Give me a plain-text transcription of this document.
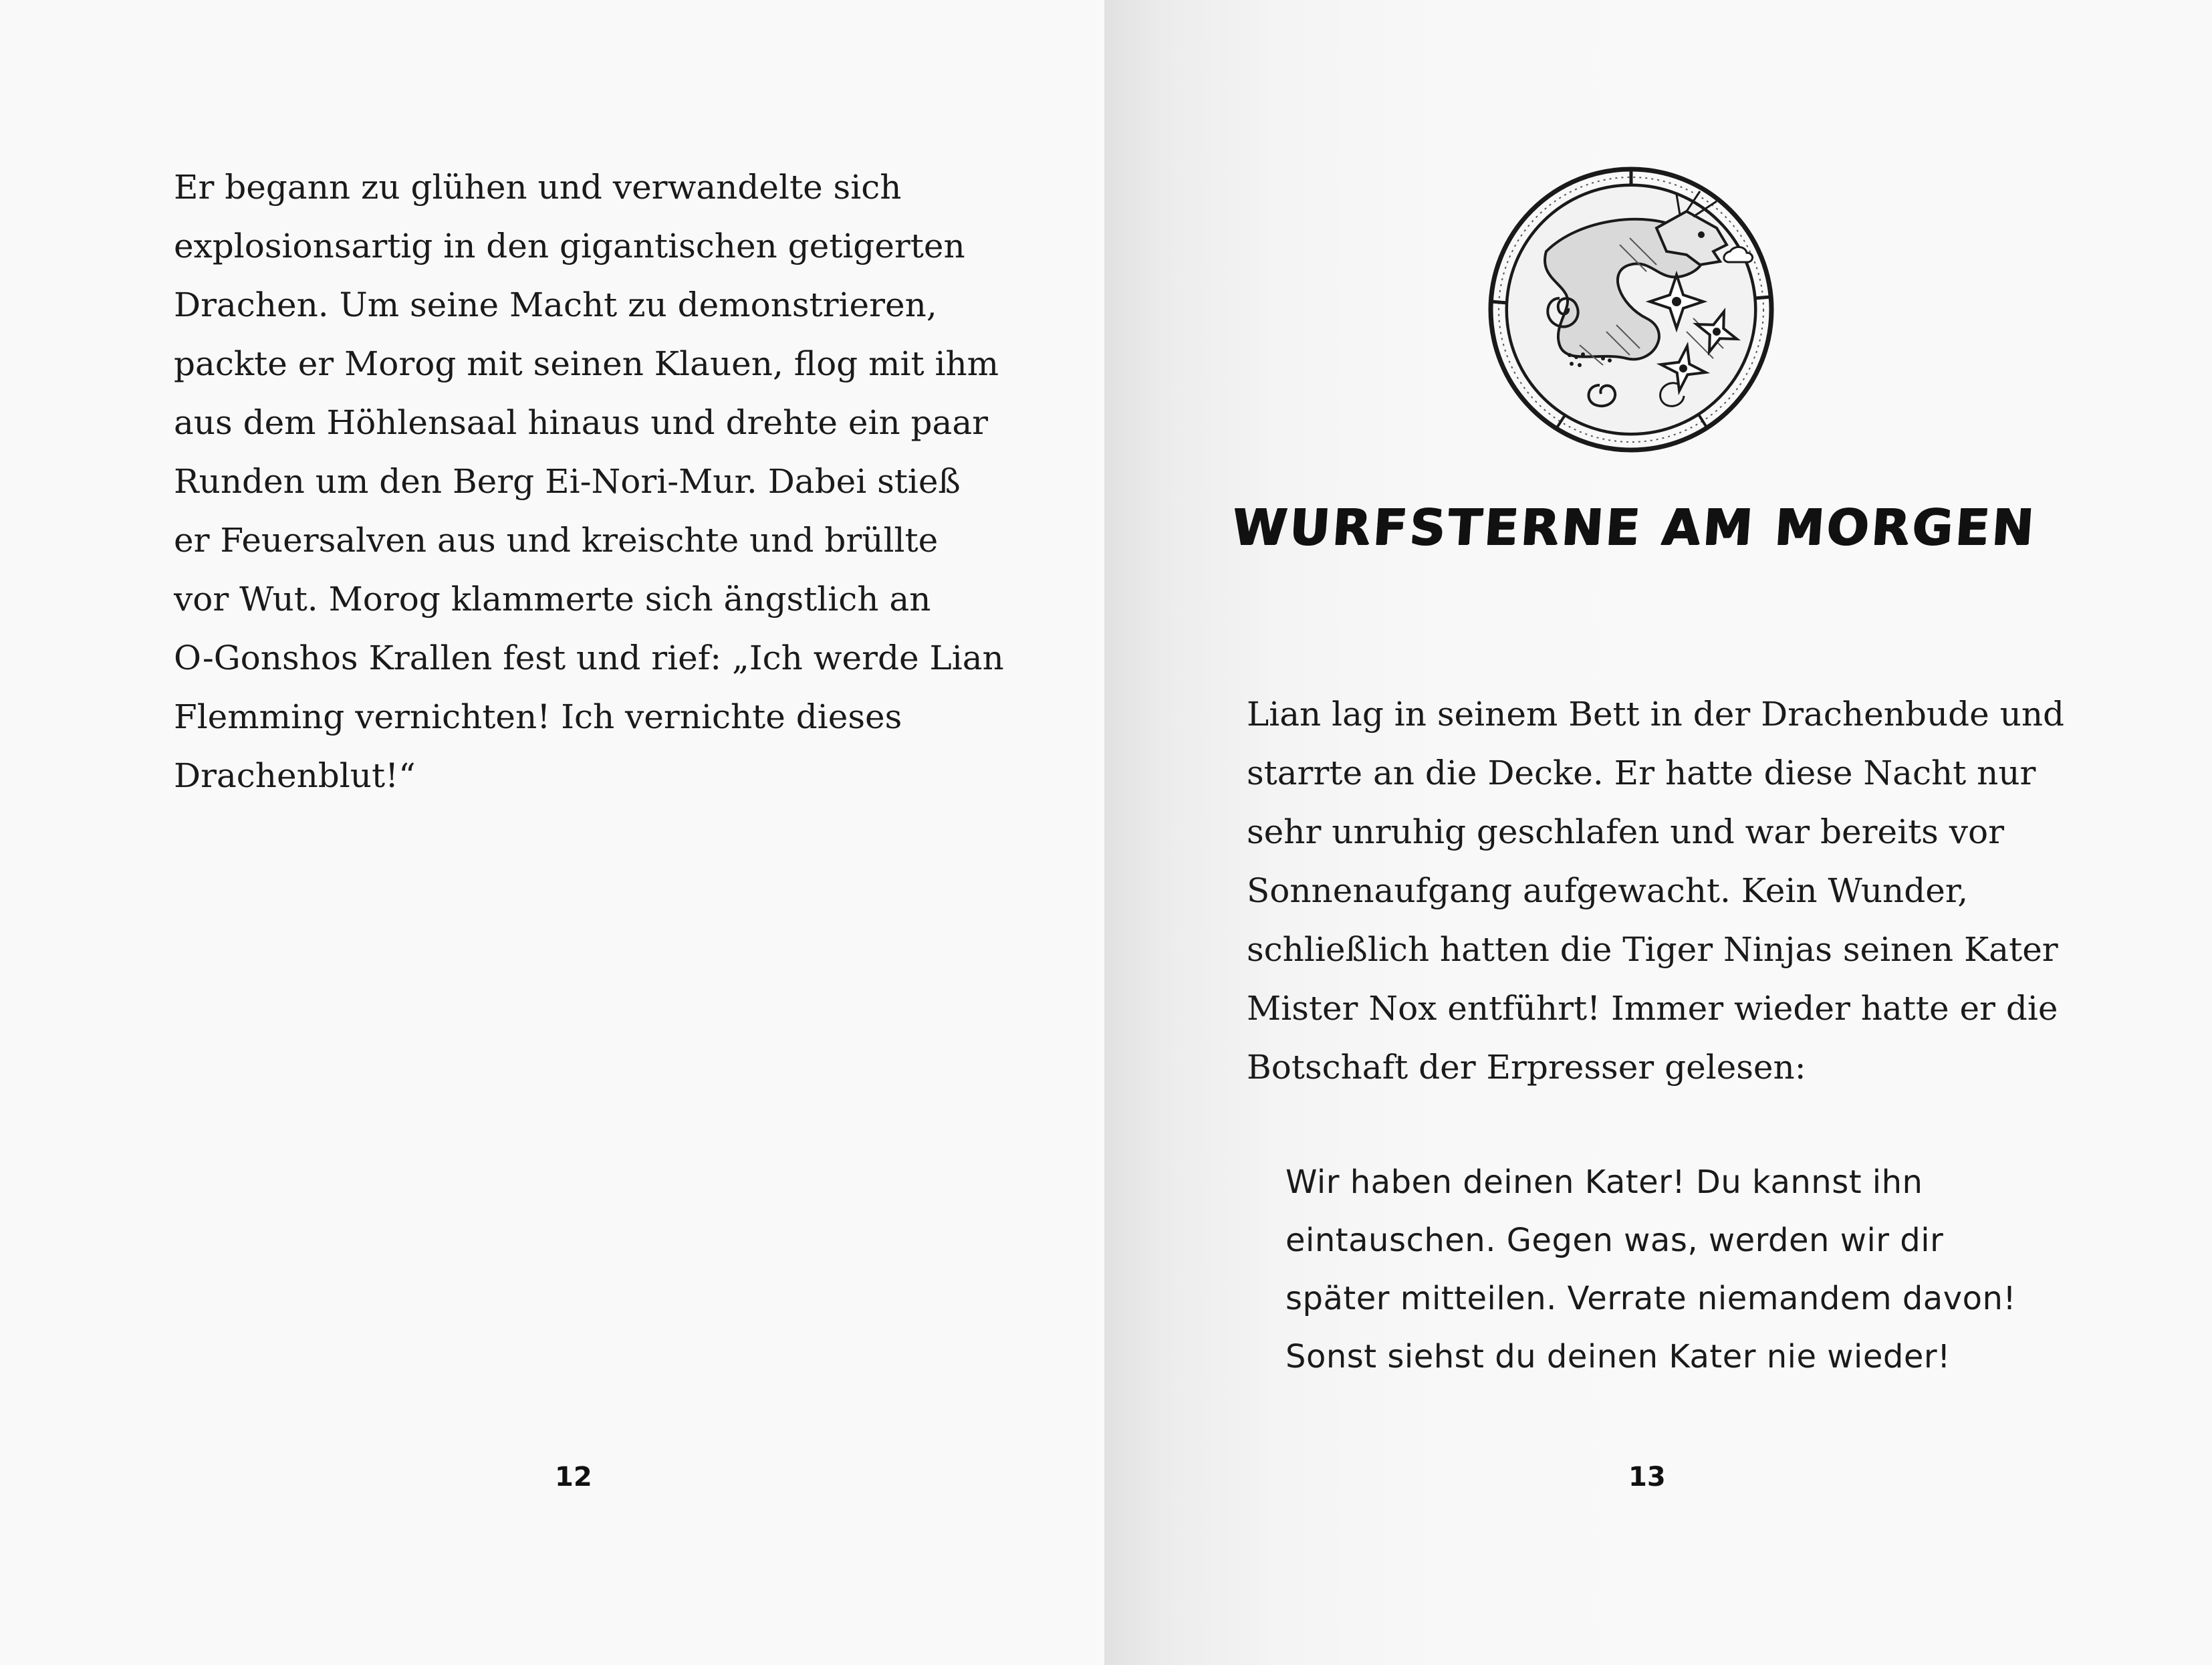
Er begann zu glühen und verwandelte sich
explosionsartig in den gigantischen getigerten
Drachen. Um seine Macht zu demonstrieren,
packte er Morog mit seinen Klauen, flog mit ihm
aus dem Höhlensaal hinaus und drehte ein paar
Runden um den Berg Ei-Nori-Mur. Dabei stieß
er Feuersalven aus und kreischte und brüllte
vor Wut. Morog klammerte sich ängstlich an
O-Gonshos Krallen fest und rief: „Ich werde Lian
Flemming vernichten! Ich vernichte dieses
Drachenblut!“
12
WURFSTERNE AM MORGEN
Lian lag in seinem Bett in der Drachenbude und
starrte an die Decke. Er hatte diese Nacht nur
sehr unruhig geschlafen und war bereits vor
Sonnenaufgang aufgewacht. Kein Wunder,
schließlich hatten die Tiger Ninjas seinen Kater
Mister Nox entführt! Immer wieder hatte er die
Botschaft der Erpresser gelesen:
Wir haben deinen Kater! Du kannst ihn
eintauschen. Gegen was, werden wir dir
später mitteilen. Verrate niemandem davon!
Sonst siehst du deinen Kater nie wieder!
13
